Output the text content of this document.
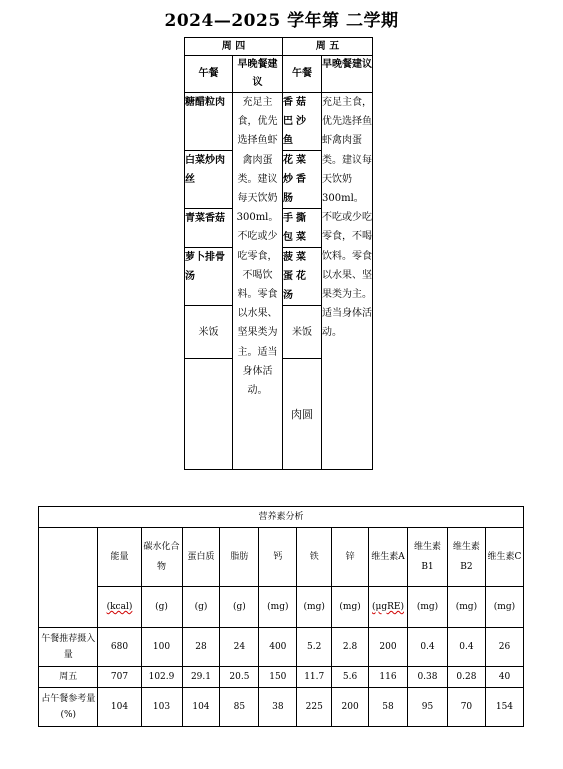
2024—2025 学年第 二学期
周 四		周 五	
午餐	早晚餐建议	午餐	早晚餐建议
糖醋粒肉	充足主食，优先选择鱼虾禽肉蛋类。建议每天饮奶300ml。不吃或少吃零食，不喝饮料。零食以水果、坚果类为主。适当身体活动。	香菇巴沙鱼	充足主食，优先选择鱼虾禽肉蛋类。建议每天饮奶300ml。不吃或少吃零食，不喝饮料。零食以水果、坚果类为主。适当身体活动。
白菜炒肉丝		花菜炒香肠	
青菜香菇		手撕包菜	
萝卜排骨汤		菠菜蛋花汤	
米饭		米饭	
		肉圆	
营养素分析											
	能量	碳水化合物	蛋白质	脂肪	钙	铁	锌	维生素A	维生素B1	维生素B2	维生素C
	(kcal)	(g)	(g)	(g)	(mg)	(mg)	(mg)	(μgRE)	(mg)	(mg)	(mg)
午餐推荐摄入量	680	100	28	24	400	5.2	2.8	200	0.4	0.4	26
周五	707	102.9	29.1	20.5	150	11.7	5.6	116	0.38	0.28	40
占午餐参考量(%)	104	103	104	85	38	225	200	58	95	70	154
